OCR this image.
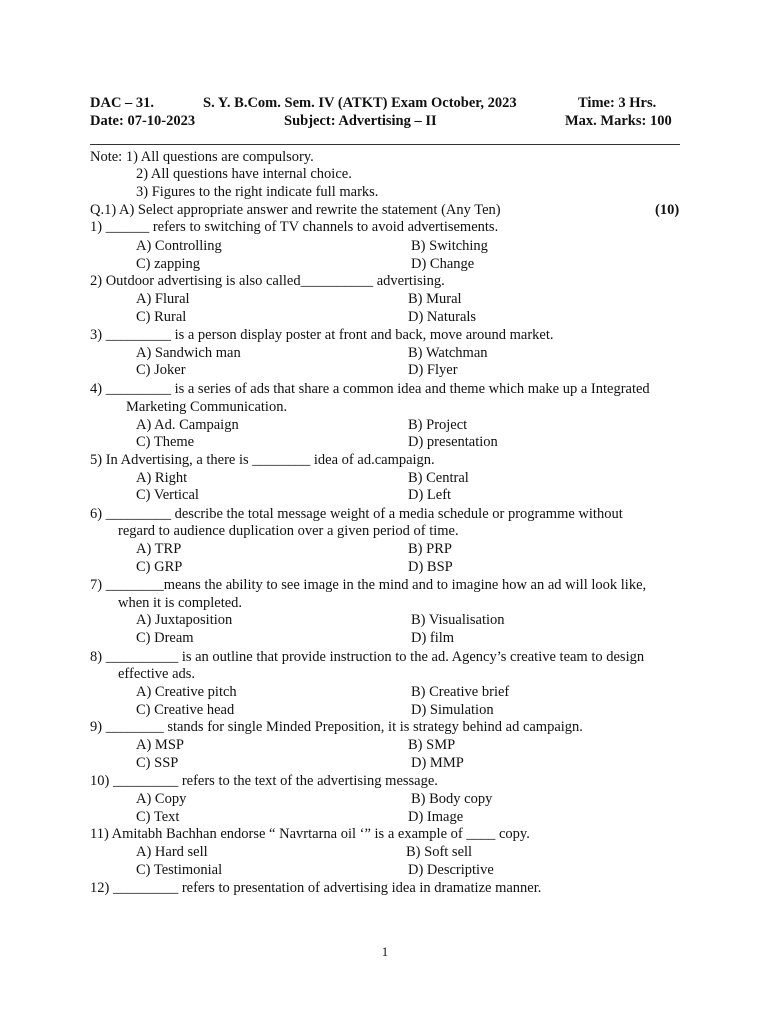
DAC – 31.	S. Y. B.Com. Sem. IV (ATKT) Exam October, 2023	Time: 3 Hrs.
Date: 07-10-2023	Subject: Advertising – II	Max. Marks: 100
Note: 1) All questions are compulsory.
2) All questions have internal choice.
3) Figures to the right indicate full marks.
Q.1) A) Select appropriate answer and rewrite the statement (Any Ten)	(10)
1) ______ refers to switching of TV channels to avoid advertisements.
A) Controlling	B) Switching
C) zapping	D) Change
2) Outdoor advertising is also called__________ advertising.
A) Flural	B) Mural
C) Rural	D) Naturals
3) _________ is a person display poster at front and back, move around market.
A) Sandwich man	B) Watchman
C) Joker	D) Flyer
4) _________ is a series of ads that share a common idea and theme which make up a Integrated
Marketing Communication.
A) Ad. Campaign	B) Project
C) Theme	D) presentation
5) In Advertising, a there is ________ idea of ad.campaign.
A) Right	B) Central
C) Vertical	D) Left
6) _________ describe the total message weight of a media schedule or programme without
regard to audience duplication over a given period of time.
A) TRP	B) PRP
C) GRP	D) BSP
7) ________means the ability to see image in the mind and to imagine how an ad will look like,
when it is completed.
A) Juxtaposition	B) Visualisation
C) Dream	D) film
8) __________ is an outline that provide instruction to the ad. Agency’s creative team to design
effective ads.
A) Creative pitch	B) Creative brief
C) Creative head	D) Simulation
9) ________ stands for single Minded Preposition, it is strategy behind ad campaign.
A) MSP	B) SMP
C) SSP	D) MMP
10) _________ refers to the text of the advertising message.
A) Copy	B) Body copy
C) Text	D) Image
11) Amitabh Bachhan endorse “ Navrtarna oil ‘” is a example of ____ copy.
A) Hard sell	B) Soft sell
C) Testimonial	D) Descriptive
12) _________ refers to presentation of advertising idea in dramatize manner.
1
